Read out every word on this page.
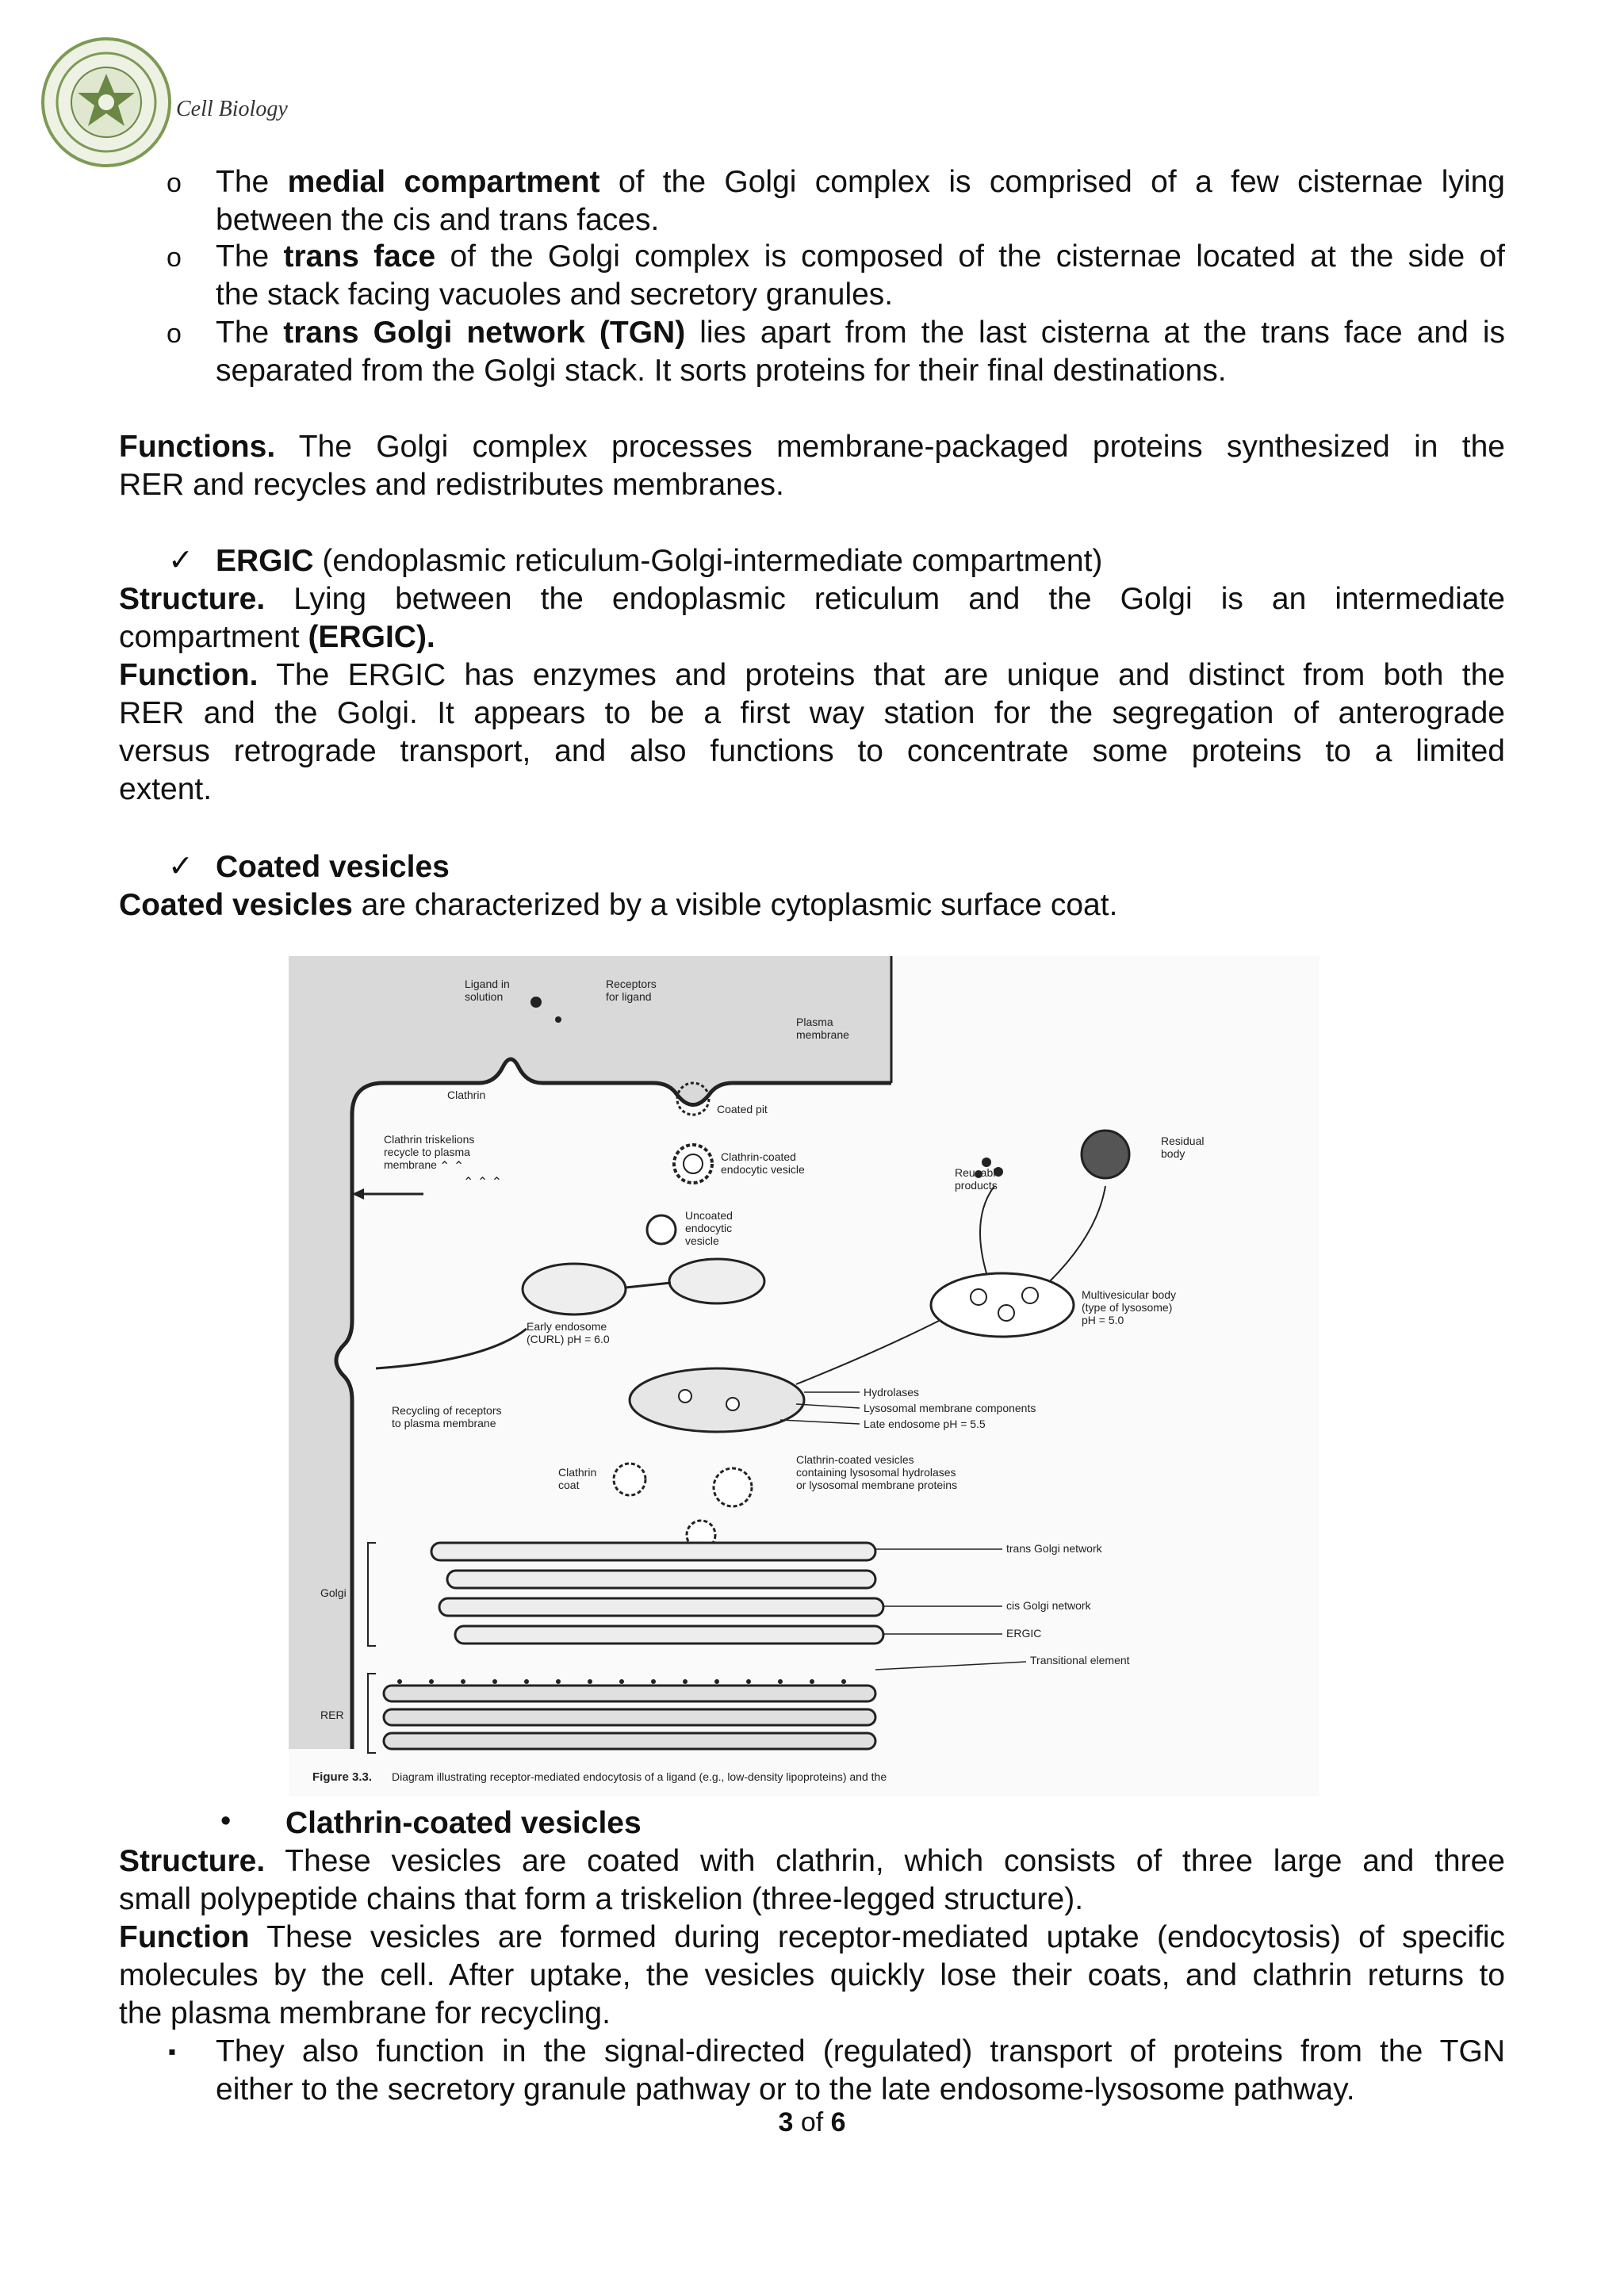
Cell Biology
o The medial compartment of the Golgi complex is comprised of a few cisternae lying
between the cis and trans faces.
o The trans face of the Golgi complex is composed of the cisternae located at the side of
the stack facing vacuoles and secretory granules.
o The trans Golgi network (TGN) lies apart from the last cisterna at the trans face and is
separated from the Golgi stack. It sorts proteins for their final destinations.
Functions. The Golgi complex processes membrane-packaged proteins synthesized in the
RER and recycles and redistributes membranes.
✓ ERGIC (endoplasmic reticulum-Golgi-intermediate compartment)
Structure. Lying between the endoplasmic reticulum and the Golgi is an intermediate
compartment (ERGIC).
Function. The ERGIC has enzymes and proteins that are unique and distinct from both the
RER and the Golgi. It appears to be a first way station for the segregation of anterograde
versus retrograde transport, and also functions to concentrate some proteins to a limited
extent.
✓ Coated vesicles
Coated vesicles are characterized by a visible cytoplasmic surface coat.
⌃ ⌃
⌃ ⌃ ⌃
Ligand in
solution
Receptors
for ligand
Plasma
membrane
Clathrin
Coated pit
Clathrin triskelions
recycle to plasma
membrane
Clathrin-coated
endocytic vesicle	Reusable
products
Residual
body
Uncoated
endocytic
vesicle
Early endosome
(CURL) pH = 6.0
Multivesicular body
(type of lysosome)
pH = 5.0
Hydrolases
Lysosomal membrane components
Late endosome pH = 5.5
Recycling of receptors
to plasma membrane
Clathrin-coated vesicles
containing lysosomal hydrolases
or lysosomal membrane proteins
Clathrin
coat
trans Golgi network
Golgi
cis Golgi network
ERGIC
Transitional element
RER
Figure 3.3. Diagram illustrating receptor-mediated endocytosis of a ligand (e.g., low-density lipoproteins) and the
• Clathrin-coated vesicles
Structure. These vesicles are coated with clathrin, which consists of three large and three
small polypeptide chains that form a triskelion (three-legged structure).
Function These vesicles are formed during receptor-mediated uptake (endocytosis) of specific
molecules by the cell. After uptake, the vesicles quickly lose their coats, and clathrin returns to
the plasma membrane for recycling.
▪ They also function in the signal-directed (regulated) transport of proteins from the TGN
either to the secretory granule pathway or to the late endosome-lysosome pathway.
3 of 6
